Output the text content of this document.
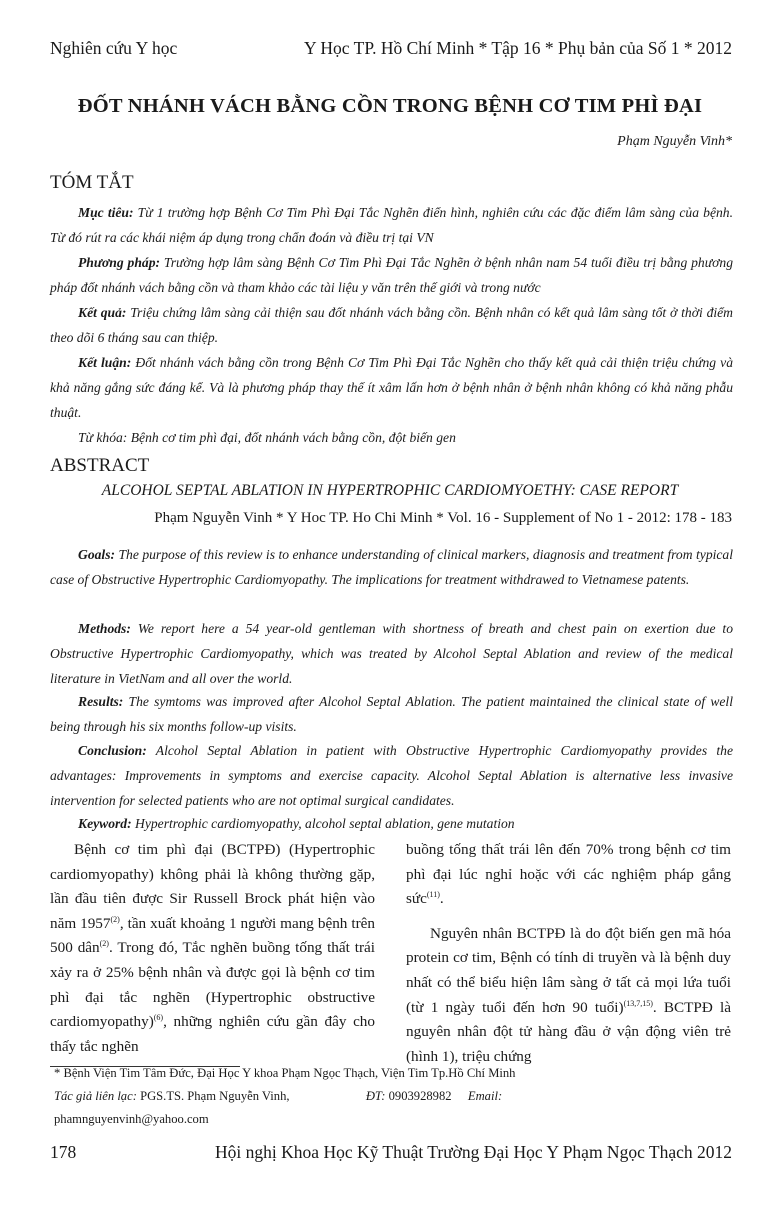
Nghiên cứu Y học	Y Học TP. Hồ Chí Minh * Tập 16 * Phụ bản của Số 1 * 2012
ĐỐT NHÁNH VÁCH BẰNG CỒN TRONG BỆNH CƠ TIM PHÌ ĐẠI
Phạm Nguyễn Vinh*
TÓM TẮT
Mục tiêu: Từ 1 trường hợp Bệnh Cơ Tim Phì Đại Tắc Nghẽn điển hình, nghiên cứu các đặc điểm lâm sàng của bệnh. Từ đó rút ra các khái niệm áp dụng trong chẩn đoán và điều trị tại VN
Phương pháp: Trường hợp lâm sàng Bệnh Cơ Tim Phì Đại Tắc Nghẽn ở bệnh nhân nam 54 tuổi điều trị bằng phương pháp đốt nhánh vách bằng cồn và tham khảo các tài liệu y văn trên thế giới và trong nước
Kết quả: Triệu chứng lâm sàng cải thiện sau đốt nhánh vách bằng cồn. Bệnh nhân có kết quả lâm sàng tốt ở thời điểm theo dõi 6 tháng sau can thiệp.
Kết luận: Đốt nhánh vách bằng cồn trong Bệnh Cơ Tim Phì Đại Tắc Nghẽn cho thấy kết quả cải thiện triệu chứng và khả năng gắng sức đáng kể. Và là phương pháp thay thế ít xâm lấn hơn ở bệnh nhân ở bệnh nhân không có khả năng phẫu thuật.
Từ khóa: Bệnh cơ tim phì đại, đốt nhánh vách bằng cồn, đột biến gen
ABSTRACT
ALCOHOL SEPTAL ABLATION IN HYPERTROPHIC CARDIOMYOETHY: CASE REPORT
Phạm Nguyễn Vinh * Y Hoc TP. Ho Chi Minh * Vol. 16 - Supplement of No 1 - 2012: 178 - 183
Goals: The purpose of this review is to enhance understanding of clinical markers, diagnosis and treatment from typical case of Obstructive Hypertrophic Cardiomyopathy. The implications for treatment withdrawed to Vietnamese patents.
Methods: We report here a 54 year-old gentleman with shortness of breath and chest pain on exertion due to Obstructive Hypertrophic Cardiomyopathy, which was treated by Alcohol Septal Ablation and review of the medical literature in VietNam and all over the world.
Results: The symtoms was improved after Alcohol Septal Ablation. The patient maintained the clinical state of well being through his six months follow-up visits.
Conclusion: Alcohol Septal Ablation in patient with Obstructive Hypertrophic Cardiomyopathy provides the advantages: Improvements in symptoms and exercise capacity. Alcohol Septal Ablation is alternative less invasive intervention for selected patients who are not optimal surgical candidates.
Keyword: Hypertrophic cardiomyopathy, alcohol septal ablation, gene mutation

Bệnh cơ tim phì đại (BCTPĐ) (Hypertrophic cardiomyopathy) không phải là không thường gặp, lần đầu tiên được Sir Russell Brock phát hiện vào năm 1957$^{(2)}$, tần xuất khoảng 1 người mang bệnh trên 500 dân$^{(2)}$. Trong đó, Tắc nghẽn buồng tống thất trái xảy ra ở 25% bệnh nhân và được gọi là bệnh cơ tim phì đại tắc nghẽn (Hypertrophic obstructive cardiomyopathy)$^{(6)}$, những nghiên cứu gần đây cho thấy tắc nghẽn

buồng tống thất trái lên đến 70% trong bệnh cơ tim phì đại lúc nghỉ hoặc với các nghiệm pháp gắng sức$^{(11)}$.

Nguyên nhân BCTPĐ là do đột biến gen mã hóa protein cơ tim, Bệnh có tính di truyền và là bệnh duy nhất có thể biểu hiện lâm sàng ở tất cả mọi lứa tuổi (từ 1 ngày tuổi đến hơn 90 tuổi)$^{(13,7,15)}$. BCTPĐ là nguyên nhân đột tử hàng đầu ở vận động viên trẻ (hình 1), triệu chứng

* Bệnh Viện Tim Tâm Đức, Đại Học Y khoa Phạm Ngọc Thạch, Viện Tim Tp.Hồ Chí Minh
Tác giả liên lạc: PGS.TS. Phạm Nguyễn Vinh,	ĐT: 0903928982 Email:
phamnguyenvinh@yahoo.com
178	Hội nghị Khoa Học Kỹ Thuật Trường Đại Học Y Phạm Ngọc Thạch 2012
